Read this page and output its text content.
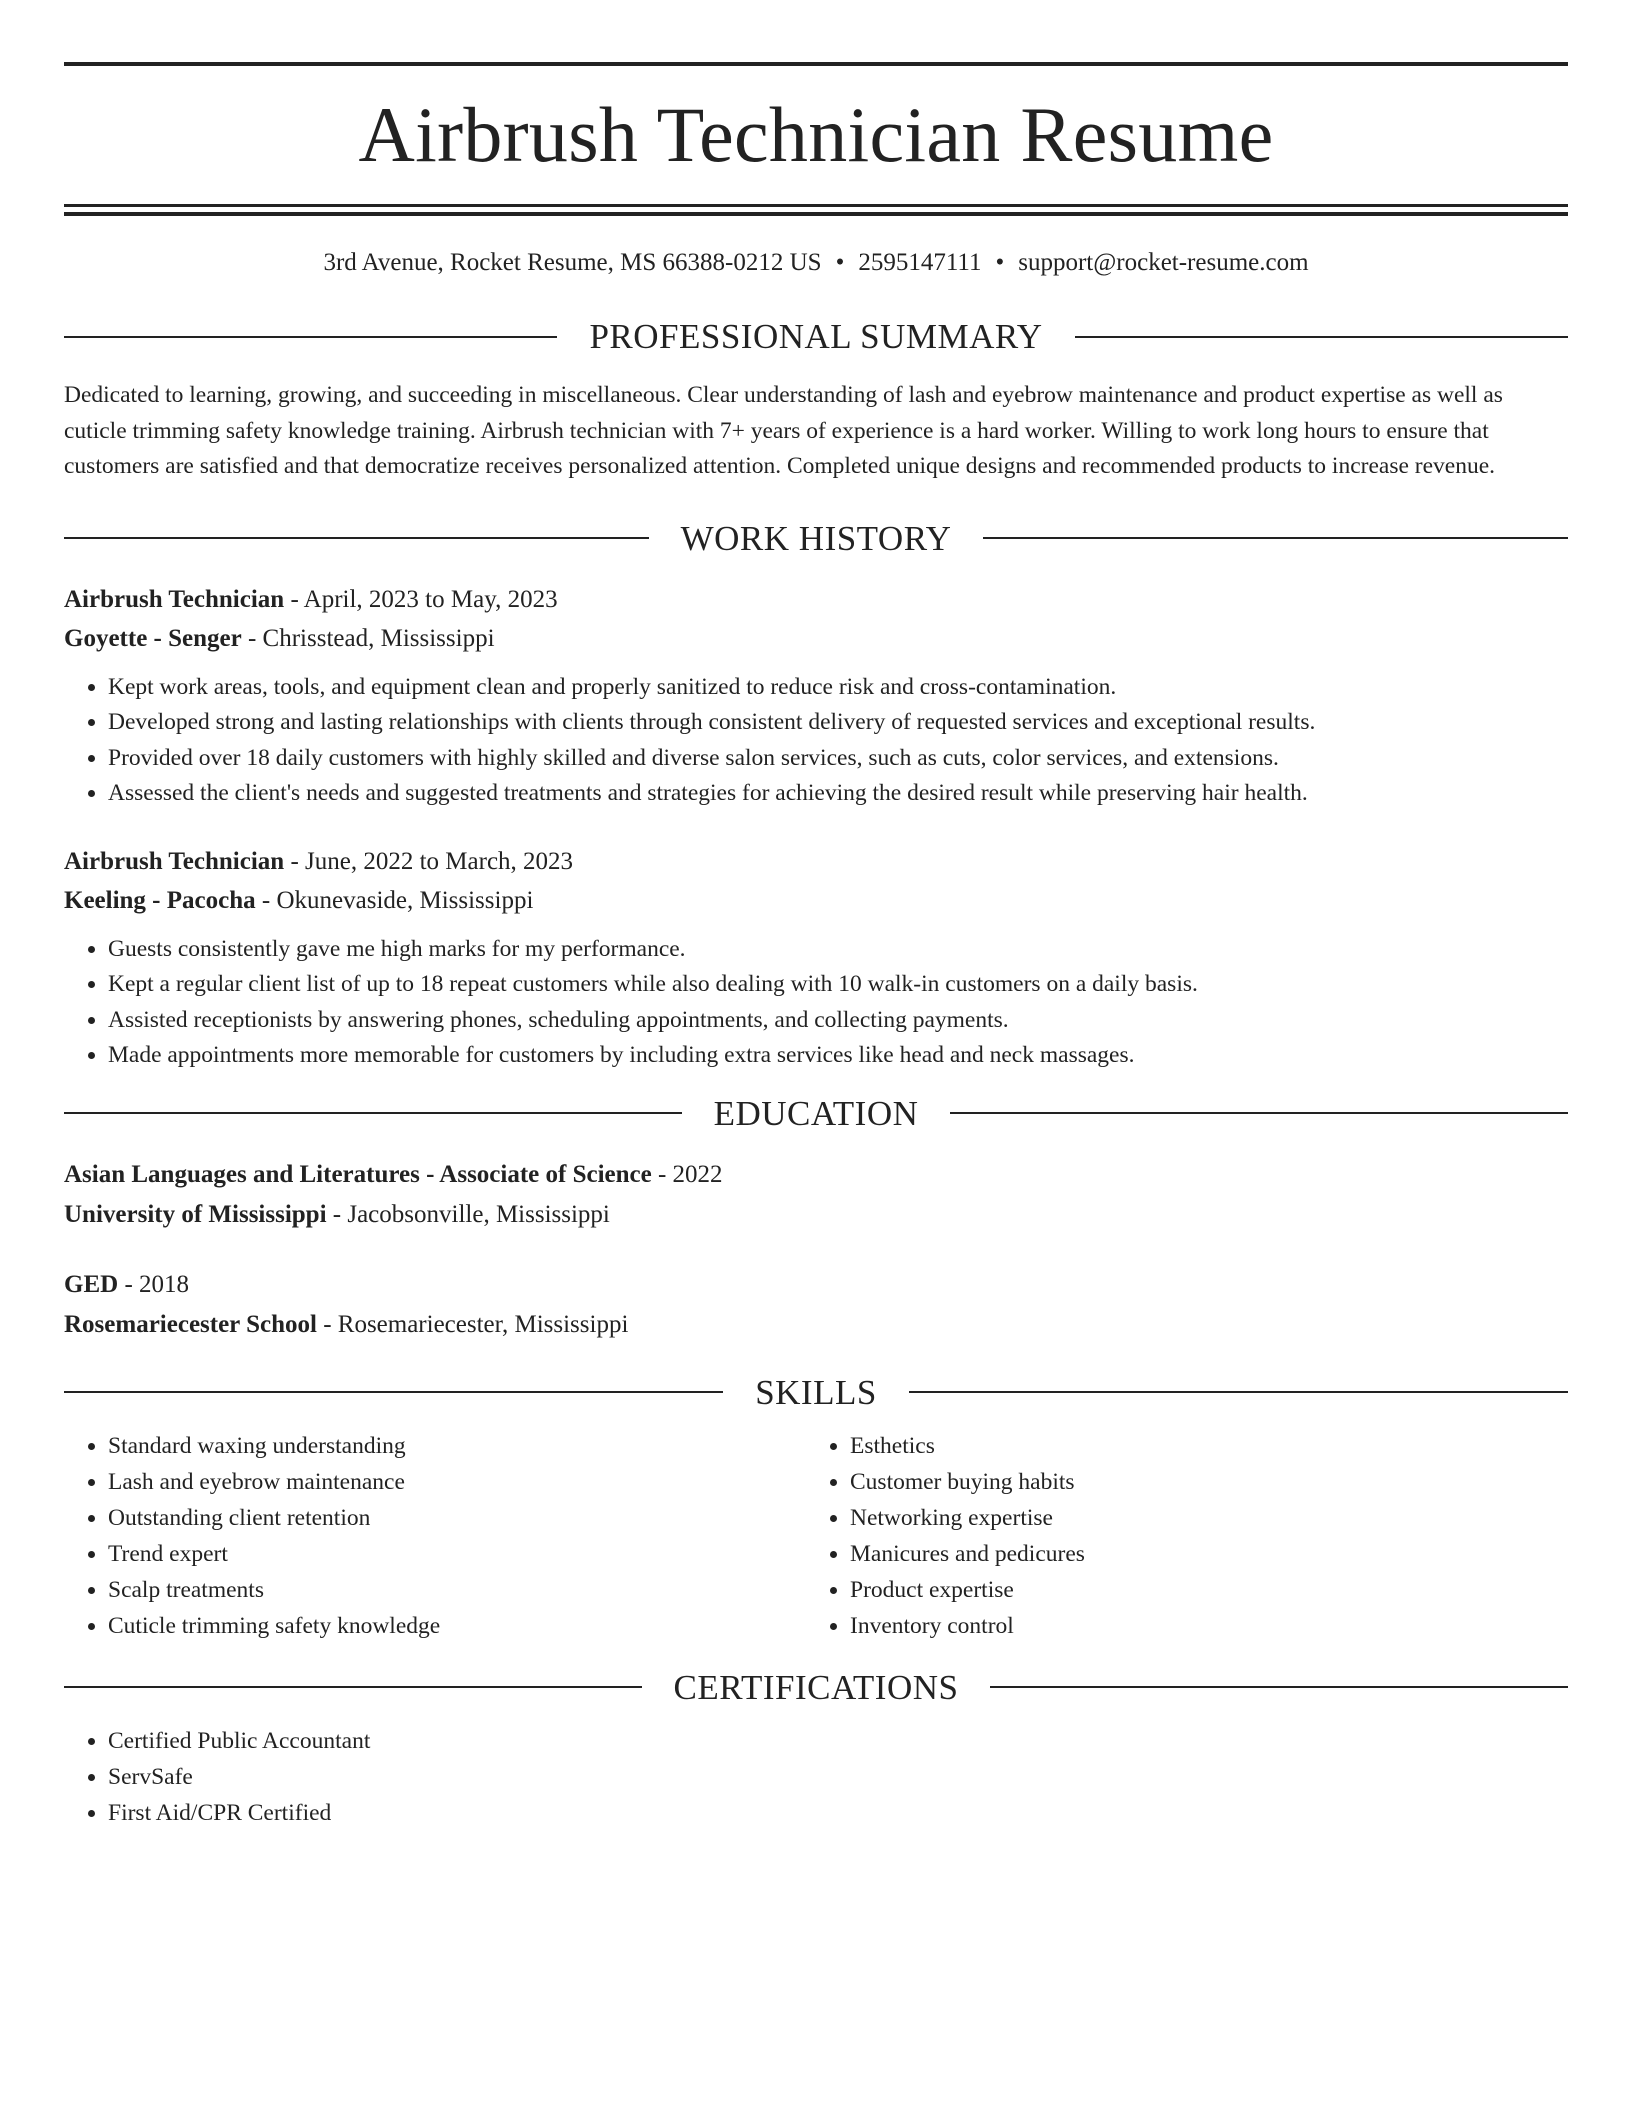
Airbrush Technician Resume
3rd Avenue, Rocket Resume, MS 66388-0212 US • 2595147111 • support@rocket-resume.com
PROFESSIONAL SUMMARY

Dedicated to learning, growing, and succeeding in miscellaneous. Clear understanding of lash and eyebrow maintenance and product expertise as well as cuticle trimming safety knowledge training. Airbrush technician with 7+ years of experience is a hard worker. Willing to work long hours to ensure that customers are satisfied and that democratize receives personalized attention. Completed unique designs and recommended products to increase revenue.

WORK HISTORY
Airbrush Technician - April, 2023 to May, 2023
Goyette - Senger - Chrisstead, Mississippi
• Kept work areas, tools, and equipment clean and properly sanitized to reduce risk and cross-contamination.
• Developed strong and lasting relationships with clients through consistent delivery of requested services and exceptional results.
• Provided over 18 daily customers with highly skilled and diverse salon services, such as cuts, color services, and extensions.
• Assessed the client's needs and suggested treatments and strategies for achieving the desired result while preserving hair health.
Airbrush Technician - June, 2022 to March, 2023
Keeling - Pacocha - Okunevaside, Mississippi
• Guests consistently gave me high marks for my performance.
• Kept a regular client list of up to 18 repeat customers while also dealing with 10 walk-in customers on a daily basis.
• Assisted receptionists by answering phones, scheduling appointments, and collecting payments.
• Made appointments more memorable for customers by including extra services like head and neck massages.
EDUCATION
Asian Languages and Literatures - Associate of Science - 2022
University of Mississippi - Jacobsonville, Mississippi
GED - 2018
Rosemariecester School - Rosemariecester, Mississippi
SKILLS
• Standard waxing understanding
• Lash and eyebrow maintenance
• Outstanding client retention
• Trend expert
• Scalp treatments
• Cuticle trimming safety knowledge
• Esthetics
• Customer buying habits
• Networking expertise
• Manicures and pedicures
• Product expertise
• Inventory control
CERTIFICATIONS
• Certified Public Accountant
• ServSafe
• First Aid/CPR Certified
